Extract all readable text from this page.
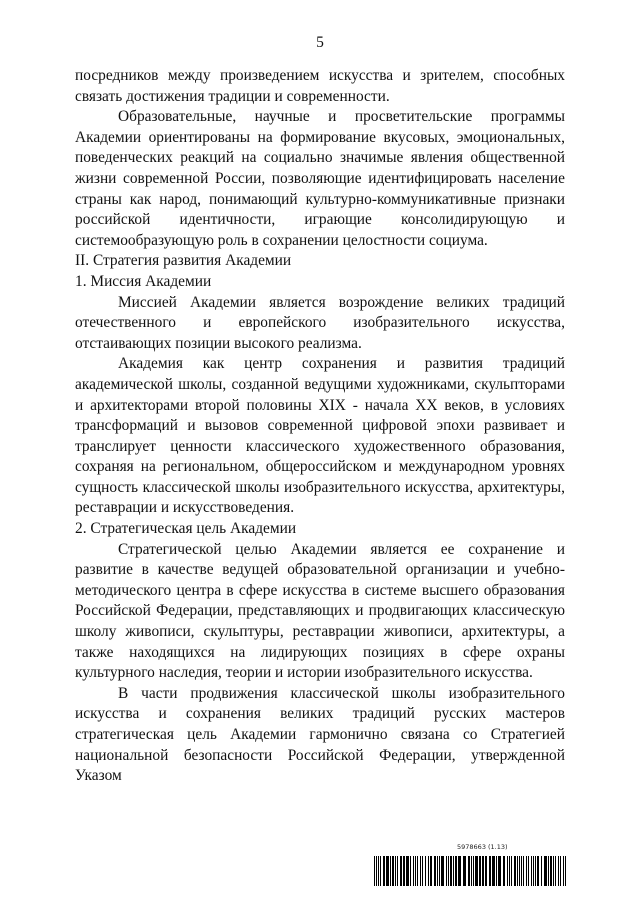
5

посредников между произведением искусства и зрителем, способных связать достижения традиции и современности.

Образовательные, научные и просветительские программы Академии ориентированы на формирование вкусовых, эмоциональных, поведенческих реакций на социально значимые явления общественной жизни современной России, позволяющие идентифицировать население страны как народ, понимающий культурно-коммуникативные признаки российской идентичности, играющие консолидирующую и системообразующую роль в сохранении целостности социума.

II. Стратегия развития Академии

1. Миссия Академии

Миссией Академии является возрождение великих традиций отечественного и европейского изобразительного искусства, отстаивающих позиции высокого реализма.

Академия как центр сохранения и развития традиций академической школы, созданной ведущими художниками, скульпторами и архитекторами второй половины XIX - начала XX веков, в условиях трансформаций и вызовов современной цифровой эпохи развивает и транслирует ценности классического художественного образования, сохраняя на региональном, общероссийском и международном уровнях сущность классической школы изобразительного искусства, архитектуры, реставрации и искусствоведения.

2. Стратегическая цель Академии

Стратегической целью Академии является ее сохранение и развитие в качестве ведущей образовательной организации и учебно-методического центра в сфере искусства в системе высшего образования Российской Федерации, представляющих и продвигающих классическую школу живописи, скульптуры, реставрации живописи, архитектуры, а также находящихся на лидирующих позициях в сфере охраны культурного наследия, теории и истории изобразительного искусства.

В части продвижения классической школы изобразительного искусства и сохранения великих традиций русских мастеров стратегическая цель Академии гармонично связана со Стратегией национальной безопасности Российской Федерации, утвержденной Указом

5978663 (1.13)
